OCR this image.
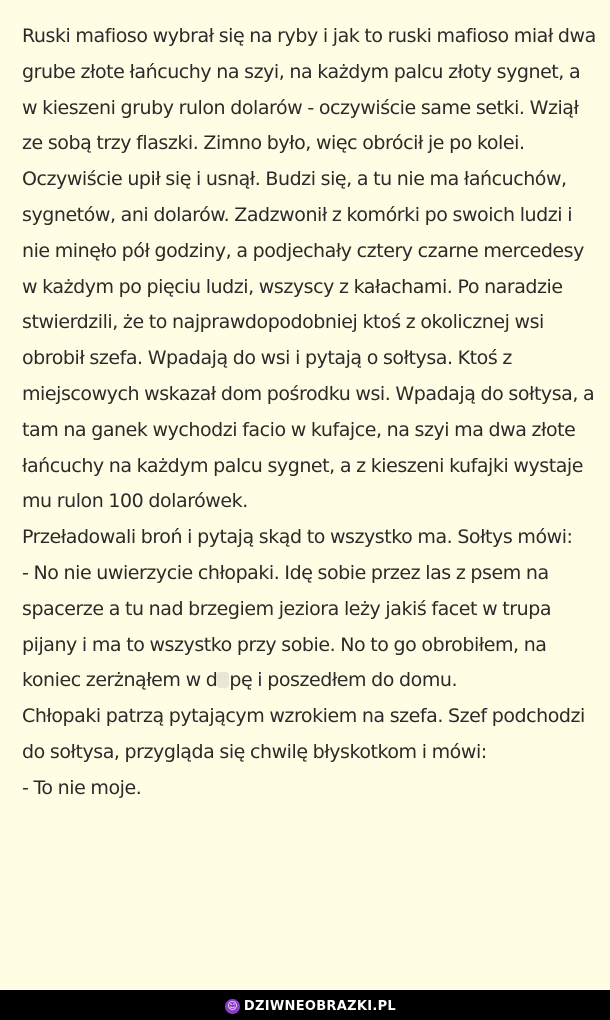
Ruski mafioso wybrał się na ryby i jak to ruski mafioso miał dwa grube złote łańcuchy na szyi, na każdym palcu złoty sygnet, a w kieszeni gruby rulon dolarów - oczywiście same setki. Wziął ze sobą trzy flaszki. Zimno było, więc obrócił je po kolei. Oczywiście upił się i usnął. Budzi się, a tu nie ma łańcuchów, sygnetów, ani dolarów. Zadzwonił z komórki po swoich ludzi i nie minęło pół godziny, a podjechały cztery czarne mercedesy w każdym po pięciu ludzi, wszyscy z kałachami. Po naradzie stwierdzili, że to najprawdopodobniej ktoś z okolicznej wsi obrobił szefa. Wpadają do wsi i pytają o sołtysa. Ktoś z miejscowych wskazał dom pośrodku wsi. Wpadają do sołtysa, a tam na ganek wychodzi facio w kufajce, na szyi ma dwa złote łańcuchy na każdym palcu sygnet, a z kieszeni kufajki wystaje mu rulon 100 dolarówek.
Przeładowali broń i pytają skąd to wszystko ma. Sołtys mówi:
- No nie uwierzycie chłopaki. Idę sobie przez las z psem na spacerze a tu nad brzegiem jeziora leży jakiś facet w trupa pijany i ma to wszystko przy sobie. No to go obrobiłem, na koniec zerżnąłem w d pę i poszedłem do domu.
Chłopaki patrzą pytającym wzrokiem na szefa. Szef podchodzi do sołtysa, przygląda się chwilę błyskotkom i mówi:
- To nie moje.

☺ DZIWNEOBRAZKI.PL
